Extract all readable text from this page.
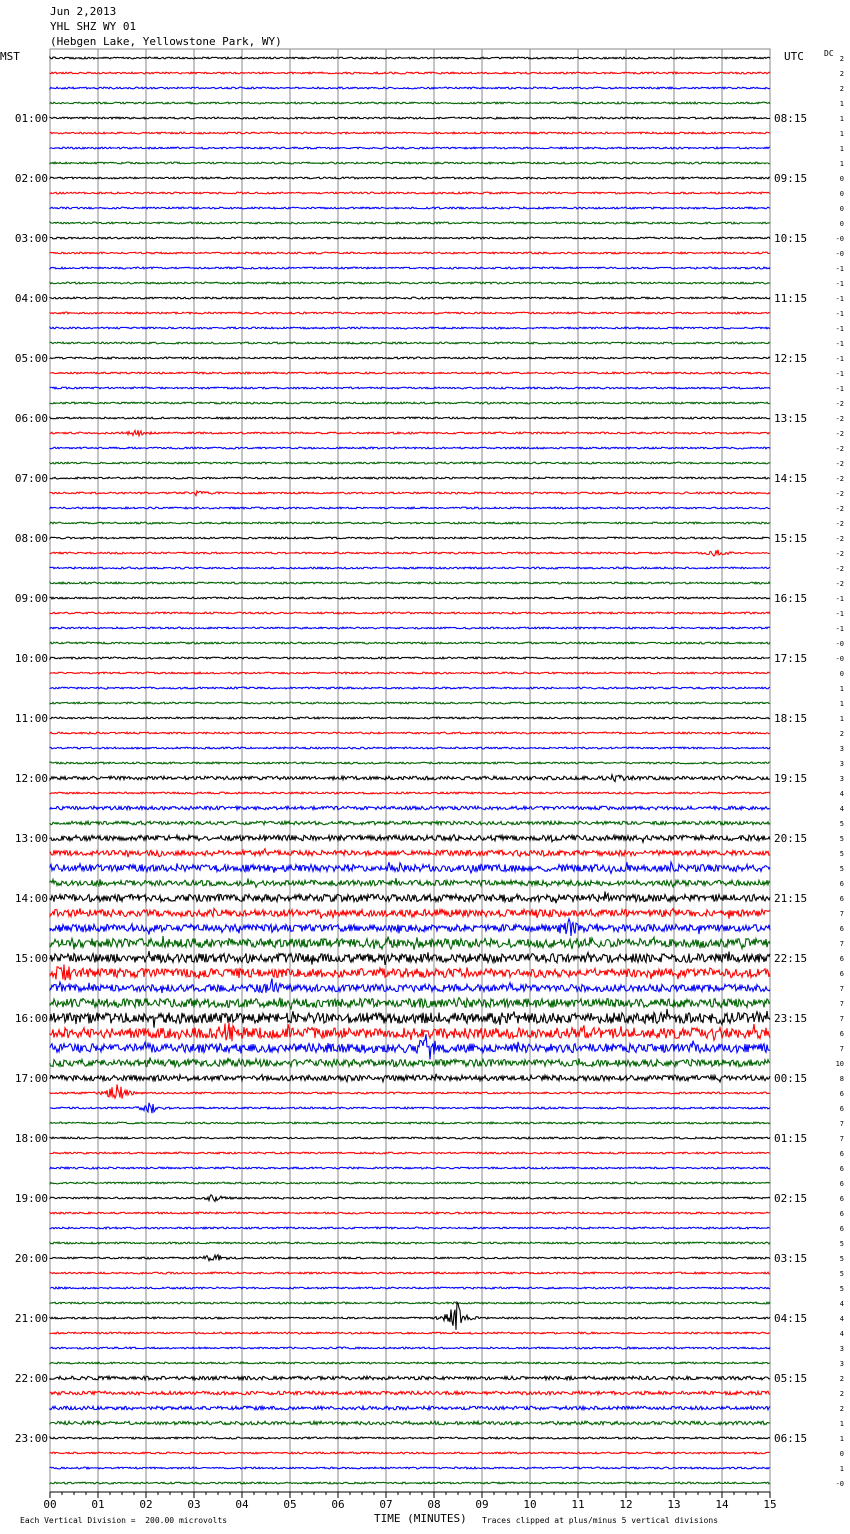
Jun 2,2013
YHL SHZ WY 01
(Hebgen Lake, Yellowstone Park, WY)
MST	UTC	DC
00	01	02	03	04	05	06	07	08	09	10	11	12	13	14	15
01:00	08:15
02:00	09:15
03:00	10:15
04:00	11:15
05:00	12:15
06:00	13:15
07:00	14:15
08:00	15:15
09:00	16:15
10:00	17:15
11:00	18:15
12:00	19:15
13:00	20:15
14:00	21:15
15:00	22:15
16:00	23:15
17:00	00:15
18:00	01:15
19:00	02:15
20:00	03:15
21:00	04:15
22:00	05:15
23:00	06:15
2
2
2
1
1
1
1
1
0
0
0
0
-0
-0
-1
-1
-1
-1
-1
-1
-1
-1
-1
-2
-2
-2
-2
-2
-2
-2
-2
-2
-2
-2
-2
-2
-1
-1
-1
-0
-0
0
1
1
1
2
3
3
3
4
4
5
5
5
5
6
6
7
6
7
6
6
7
7
7
6
7
10
8
6
6
7
7
6
6
6
6
6
6
5
5
5
5
4
4
4
3
3
2
2
2
1
1
0
1
-0
Each Vertical Division =  200.00 microvolts	TIME (MINUTES) Traces clipped at plus/minus 5 vertical divisions
